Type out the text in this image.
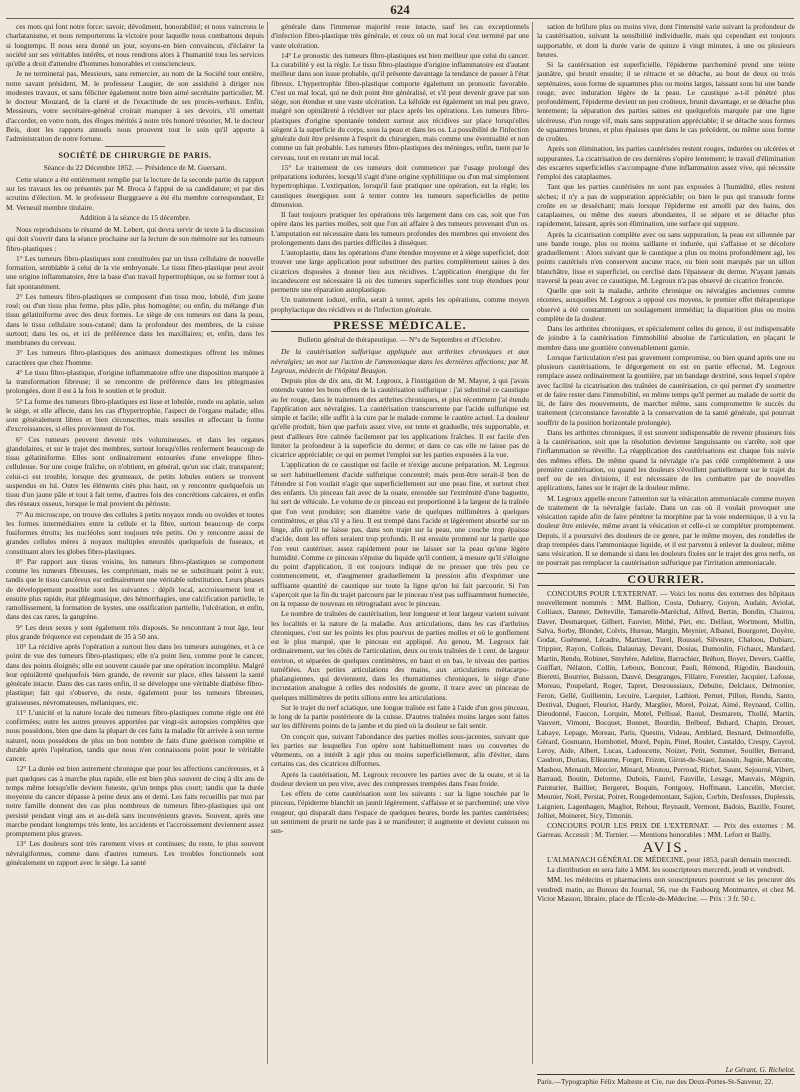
624

ces mots qui font notre force: savoir, dévoûment, honorabilité; et nous vaincrons le charlatanisme, et nous remporterons la victoire pour laquelle nous combattons depuis si longtemps. Il nous sera donné un jour, soyons-en bien convaincus, d'éclairer la société sur ses véritables intérêts, et nous rendrons alors à l'humanité tous les services qu'elle a droit d'attendre d'hommes honorables et consciencieux.

Je ne terminerai pas, Messieurs, sans remercier, au nom de la Société tout entière, notre savant président, M. le professeur Laugier, de son assiduité à diriger nos modestes travaux, et sans féliciter également notre bien aimé secrétaire particulier, M. le docteur Mouzard, de la clarté et de l'exactitude de ses procès-verbaux. Enfin, Messieurs, votre secrétaire-général croirait manquer à ses devoirs, s'il omettait d'accorder, en votre nom, des éloges mérités à notre très honoré trésorier, M. le docteur Beis, dont les rapports annuels nous prouvent tout le soin qu'il apporte à l'administration de notre fortune.

SOCIÉTÉ DE CHIRURGIE DE PARIS.
Séance du 22 Décembre 1852. — Présidence de M. Guersant.

Cette séance a été entièrement remplie par la lecture de la seconde partie du rapport sur les travaux les ou présentés par M. Broca à l'appui de sa candidature; et par des scrutins d'élection. M. le professeur Burggraeve a été élu membre correspondant, Et M. Verneuil membre titulaire.

Addition à la séance du 15 décembre.

Nous reproduisons le résumé de M. Lebert, qui devra servir de texte à la discussion qui doit s'ouvrir dans la séance prochaine sur la lecture de son mémoire sur les tumeurs fibro-plastiques :

1° Les tumeurs fibro-plastiques sont constituées par un tissu cellulaire de nouvelle formation, semblable à celui de la vie embryonale. Le tissu fibro-plastique peut avoir une origine inflammatoire, être la base d'un travail hypertrophique, ou se former tout à fait spontanément.

2° Les tumeurs fibro-plastiques se composent d'un tissu mou, lobulé, d'un jaune rosé; ou d'un tissu plus ferme, plus pâle, plus homogène; ou enfin, du mélange d'un tissu gélatiniforme avec des deux formes. Le siège de ces tumeurs est dans la peau, dans le tissu cellulaire sous-cutané; dans la profondeur des membres, de la cuisse surtout; dans les os, et ici de préférence dans les maxillaires; et, enfin, dans les membranes du cerveau.

3° Les tumeurs fibro-plastiques des animaux domestiques offrent les mêmes caractères que chez l'homme.

4° Le tissu fibro-plastique, d'origine inflammatoire offre une disposition marquée à la transformation fibreuse; il se rencontre de préférence dans les phlegmasies prolongées, dont il est à la fois le soutien et le produit.

5° La forme des tumeurs fibro-plastiques est lisse et lobulée, ronde ou aplatie, selon le siège, et elle affecte, dans les cas d'hypertrophie, l'aspect de l'organe malade; elles sont généralement libres et bien circonscrites, mais sessiles et affectant la forme d'excroissances, si elles proviennent de l'os.

6° Ces tumeurs peuvent devenir très volumineuses, et dans les organes glandulaires, et sur le trajet des membres, surtout lorsqu'elles renferment beaucoup de tissu gélatiniforme. Elles sont ordinairement entourées d'une enveloppe fibro-celluleuse. Sur une coupe fraîche, on n'obtient, en général, qu'un suc clair, transparent; celui-ci est trouble, lorsque des grumeaux, de petits lobules entiers se trouvent suspendus en lui. Outre les éléments cités plus haut, on y rencontre quelquefois un tissu d'un jaune pâle et tout à fait terne, d'autres fois des concrétions calcaires, et enfin des réseaux osseux, lorsque le mal provient du périoste.

7° Au microscope, on trouve des cellules à petits noyaux ronds ou ovoïdes et toutes les formes intermédiaires entre la cellule et la fibre, surtout beaucoup de corps fusiformes étroits; les nucléoles sont toujours très petits. On y rencontre aussi de grandes cellules mères à noyaux multiples enroulés quelquefois de fuseaux, et constituant alors les globes fibro-plastiques.

8° Par rapport aux tissus voisins, les tumeurs fibro-plastiques se comportent comme les tumeurs fibreuses, les comprimant, mais ne se substituant point à eux; tandis que le tissu cancéreux est ordinairement une véritable substitution. Leurs phases de développement possible sont les suivantes : dépôt local, accroissement lent et ensuite plus rapide, état phlegmasique, des hémorrhagies, une calcification partielle, le ramollissement, la formation de kystes, une ossification partielle, l'ulcération, et enfin, dans des cas rares, la gangrène.

9° Les deux sexes y sont également très disposés. Se rencontrant à tout âge, leur plus grande fréquence est cependant de 35 à 50 ans.

10° La récidive après l'opération a surtout lieu dans les tumeurs autogènes, et à ce point de vue des tumeurs fibro-plastiques; elle n'a point lieu, comme pour le cancer, dans des points éloignés; elle est souvent causée par une opération incomplète. Malgré leur opiniâtreté quelquefois bien grande, de revenir sur place, elles laissent la santé générale intacte. Dans des cas rares enfin, il se développe une véritable diathèse fibro-plastique; fait qui s'observe, du reste, également pour les tumeurs fibreuses, graisseuses, névromateuses, mélaniques, etc.

11° L'unicité et la nature locale des tumeurs fibro-plastiques comme règle ont été confirmées; outre les autres preuves apportées par vingt-six autopsies complètes que nous possédons, bien que dans la plupart de ces faits la maladie fût arrivée à son terme naturel, nous possédons de plus un bon nombre de faits d'une guérison complète et durable après l'opération, tandis que nous n'en connaissons point pour le véritable cancer.

12° La durée est bien autrement chronique que pour les affections cancéreuses, et à part quelques cas à marche plus rapide, elle est bien plus souvent de cinq à dix ans de temps même lorsqu'elle devient funeste, qu'un temps plus court; tandis que la durée moyenne du cancer dépasse à peine deux ans et demi. Les faits recueillis par moi par notre famille donnent des cas plus nombreux de tumeurs fibro-plastiques qui ont persisté pendant vingt ans et au-delà sans inconvénients graves. Souvent, après une marche pendant longtemps très lente, les accidents et l'accroissement deviennent assez promptement plus graves.

13° Les douleurs sont très rarement vives et continues; du reste, le plus souvent névralgiformes, comme dans d'autres tumeurs. Les troubles fonctionnels sont généralement en rapport avec le siège. La santé

générale dans l'immense majorité reste intacte, sauf les cas exceptionnels d'infection fibro-plastique très générale, et ceux où un mal local s'est terminé par une vaste ulcération.

14° Le pronostic des tumeurs fibro-plastiques est bien meilleur que celui du cancer. La curabilité y est la règle. Le tissu fibro-plastique d'origine inflammatoire est d'autant meilleur dans son issue probable, qu'il présente davantage la tendance de passer à l'état fibreux. L'hypertrophie fibro-plastique comporte également un pronostic favorable. C'est un mal local, qui ne doit point être généralisé, et s'il peut devenir grave par son siège, son étendue et une vaste ulcération. La kéloïde est également un mal peu grave, malgré son opiniâtreté à récidiver sur place après les opérations. Les tumeurs fibro-plastiques d'origine spontanée tendent surtout aux récidives sur place lorsqu'elles siègent à la superficie du corps, sous la peau et dans les os. La possibilité de l'infection générale doit être présente à l'esprit du chirurgien, mais comme une éventualité et non comme un fait probable. Les tumeurs fibro-plastiques des méninges, enfin, tuent par le cerveau, tout en restant un mal local.

15° Le traitement de ces tumeurs doit commencer par l'usage prolongé des préparations iodurées, lorsqu'il s'agit d'une origine syphilitique ou d'un mal simplement hypertrophique. L'extirpation, lorsqu'il faut pratiquer une opération, est la règle; les caustiques énergiques sont à tenter contre les tumeurs superficielles de petite dimension.

Il faut toujours pratiquer les opérations très largement dans ces cas, soit que l'on opère dans les parties molles, soit que l'on ait affaire à des tumeurs provenant d'un os. L'amputation est nécessaire dans les tumeurs profondes des membres qui envoient des prolongements dans des parties difficiles à disséquer.

L'autoplastie, dans les opérations d'une étendue moyenne et à siège superficiel, doit trouver une large application pour substituer des parties complètement saines à des cicatrices disposées à donner lieu aux récidives. L'application énergique du fer incandescent est nécessaire là où des tumeurs superficielles sont trop étendues pour permettre une réparation autoplastique.

Un traitement ioduré, enfin, serait à tenter, après les opérations, comme moyen prophylactique des récidives et de l'infection générale.

PRESSE MÉDICALE.
Bulletin général de thérapeutique. — N°s de Septembre et d'Octobre.

De la cautérisation sulfurique appliquée aux arthrites chroniques et aux névralgies; un mot sur l'action de l'ammoniaque dans les dernières affections; par M. Legroux, médecin de l'hôpital Beaujon.

Depuis plus de dix ans, dit M. Legroux, à l'instigation de M. Mayor, à qui j'avais entendu vanter les bons effets de la cautérisation sulfurique : j'ai substitué ce caustique au fer rouge, dans le traitement des arthrites chroniques, et plus récemment j'ai étendu l'application aux névralgies. La cautérisation transcurrente par l'acide sulfurique est simple et facile; elle suffit à la cure par le malade comme le cautère actuel. La douleur qu'elle produit, bien que parfois assez vive, est tente et graduelle, très supportable, et peut d'ailleurs être calmée facilement par les applications fraîches. Il est facile d'en limiter la profondeur à la superficie du derme; et dans ce cas elle ne laisse pas de cicatrice appréciable; ce qui en permet l'emploi sur les parties exposées à la vue.

L'application de ce caustique est facile et n'exige aucune préparation. M. Legroux se sert habituellement d'acide sulfurique concentré; mais peut-être serait-il bon de l'étendre si l'on voulait n'agir que superficiellement sur une peau fine, et surtout chez des enfants. Un pinceau fait avec de la ouate, enroulée sur l'extrémité d'une baguette, lui sert de véhicule. Le volume de ce pinceau est proportionné à la largeur de la traînée que l'on veut produire; son diamètre varie de quelques millimètres à quelques centimètres, et plus s'il y a lieu. Il est trempé dans l'acide et légèrement absorbé sur un linge, afin qu'il ne laisse pas, dans son trajet sur la peau, une couche trop épaisse d'acide, dont les effets seraient trop profonds. Il est ensuite promené sur la partie que l'on veut cautériser, assez rapidement pour ne laisser sur la peau qu'une légère humidité. Comme ce pinceau s'épuise du liquide qu'il contient, à mesure qu'il s'éloigne du point d'application, il est toujours indiqué de ne presser que très peu ce commencement, et, d'augmenter graduellement la pression afin d'exprimer une suffisante quantité de caustique sur toute la ligne qu'on lui fait parcourir. Si l'on s'aperçoit que la fin du trajet parcouru par le pinceau n'est pas suffisamment humectée, on la repasse de nouveau en rétrogradant avec le pinceau.

Le nombre de traînées de cautérisation, leur longueur et leur largeur varient suivant les localités et la nature de la maladie. Aux articulations, dans les cas d'arthrites chroniques, c'est sur les points les plus pourvus de parties molles et où le gonflement est le plus marqué, que le pinceau est appliqué. Au genou, M. Legroux fait ordinairement, sur les côtés de l'articulation, deux ou trois traînées de 1 cent. de largeur environ, et séparées de quelques centimètres, en haut et en bas, le niveau des parties tuméfiées. Aux petites articulations des mains, aux articulations métacarpo-phalangiennes, qui deviennent, dans les rhumatismes chroniques, le siège d'une incrustation analogue à celles des nodosités de goutte, il trace avec un pinceau de quelques millimètres de petits sillons entre les articulations.

Sur le trajet du nerf sciatique, une longue traînée est faite à l'aide d'un gros pinceau, le long de la partie postérieure de la cuisse. D'autres traînées moins larges sont faites sur les différents points de la jambe et du pied où la douleur se fait sentir.

On conçoit que, suivant l'abondance des parties molles sous-jacentes, suivant que les parties sur lesquelles l'on opère sont habituellement nues ou couvertes de vêtements, on a intérêt à agir plus ou moins superficiellement, afin d'éviter, dans certains cas, des cicatrices difformes.

Après la cautérisation, M. Legroux recouvre les parties avec de la ouate, et si la douleur devient un peu vive, avec des compresses trempées dans l'eau froide.

Les effets de cette cautérisation sont les suivants : sur la ligne touchée par le pinceau, l'épiderme blanchit un jaunit légèrement, s'affaisse et se parcheminé; une vive rougeur, qui disparaît dans l'espace de quelques heures, borde les parties cautérisées; un sentiment de prurit ne tarde pas à se manifester; il augmente et devient cuisson ou sen-

sation de brûlure plus ou moins vive, dont l'intensité varie suivant la profondeur de la cautérisation, suivant la sensibilité individuelle, mais qui cependant est toujours supportable, et dont la durée varie de quinze à vingt minutes, à une ou plusieurs heures.

Si la cautérisation est superficielle, l'épiderme parcheminé prend une teinte jaunâtre, qui brunit ensuite; il se rétracte et se détache, au bout de deux ou trois septénaires, sous forme de squammes plus ou moins larges, laissant sous lui une bande rouge, avec induration légère de la peau. Le caustique a-t-il pénétré plus profondément, l'épiderme devient un peu croûteux, brunit davantage, et se détache plus lentement; la séparation des parties saines est quelquefois marquée par une ligne ulcéreuse, d'un rouge vif, mais sans suppuration appréciable; il se détache sous formes de squammes brunes, et plus épaisses que dans le cas précédent, ou même sous forme de croûtes.

Après son élimination, les parties cautérisées restent rouges, indurées ou ulcérées et suppurantes. La cicatrisation de ces dernières s'opère lentement; le travail d'élimination des escarres superficielles s'accompagne d'une inflammation assez vive, qui nécessite l'emploi des cataplasmes.

Tant que les parties cautérisées ne sont pas exposées à l'humidité, elles restent sèches; il n'y a pas de suppuration appréciable; ou bien le pus qui transude forme croûte en se desséchant; mais lorsque l'épiderme est amolli par des bains, des cataplasmes, ou même des sueurs abondantes, il se sépare et se détache plus rapidement, laissant, après son élimination, une surface qui suppure.

Après la cicatrisation complète avec ou sans suppuration, la peau est sillonnée par une bande rouge, plus ou moins saillante et indurée, qui s'affaisse et se décolore graduellement : Alors suivant que le caustique a plus ou moins profondément agi, les points cautérisés n'en conservent aucune trace, ou bien sont marqués par un sillon blanchâtre, lisse et superficiel, ou cerclisé dans l'épaisseur du derme. N'ayant jamais traversé la peau avec ce caustique, M. Legroux n'a pas observé de cicatrice froncée.

Quelle que soit la maladie, arthrite chronique ou névralgies anciennes comme récentes, auxquelles M. Legroux a opposé ces moyens, le premier effet thérapeutique observé a été constamment un soulagement immédiat; la disparition plus ou moins complète de la douleur.

Dans les arthrites chroniques, et spécialement celles du genou, il est indispensable de joindre à la cautérisation l'immobilité absolue de l'articulation, en plaçant le membre dans une gouttière convenablement garnie.

Lorsque l'articulation n'est pas gravement compromise, ou bien quand après une ou plusieurs cautérisations, le dégorgement en est en partie effectué, M. Legroux remplace assez ordinairement la gouttière, par un bandage dextriné, sous lequel s'opère avec facilité la cicatrisation des traînées de cautérisation, ce qui permet d'y soumettre et de faire rester dans l'immobilité, en même temps qu'il permet au malade de sortir du lit, de faire des mouvements, de marcher même, sans compromettre le succès du traitement (circonstance favorable à la conservation de la santé générale, qui pourrait souffrir de la position horizontale prolongée).

Dans les arthrites chroniques, il est souvent indispensable de revenir plusieurs fois à la cautérisation, soit que la résolution devienne languissante ou s'arrête, soit que l'inflammation se réveille. La réapplication des cautérisations est chaque fois suivie des mêmes effets. De même quand la névralgie n'a pas cédé complètement à une première cautérisation, ou quand les douleurs s'éveillent partiellement sur le trajet du nerf ou de ses divisions, il est nécessaire de les combattre par de nouvelles applications, faites sur le trajet de la douleur même.

M. Legroux appelle encore l'attention sur la vésication ammoniacale comme moyen de traitement de la névralgie faciale. Dans un cas où il voulait provoquer une vésication rapide afin de faire pénétrer la morphine par la voie endermique, il a vu la douleur être enlevée, même avant la vésication et celle-ci se compléter promptement. Depuis, il a poursuivi des douleurs de ce genre, par le même moyen, des rondelles de drap trempées dans l'ammoniaque liquide, et il est parvenu à enlever la douleur, même sans vésication. Il se demande si dans les douleurs fixées sur le trajet des gros nerfs, on ne pourrait pas remplacer la cautérisation sulfurique par l'irritation ammoniacale.

COURRIER.

CONCOURS POUR L'EXTERNAT. — Voici les noms des externes des hôpitaux nouvellement nommés : MM. Ballion, Costa, Dubarry, Guyon, Audain, Aviolat, Colliaux, Danner, Delteville, Tamarelle-Maréchal, Alfred, Bertin, Bondin, Chairou, Daver, Desmarquet, Gilbert, Fauvier, Mithé, Piet, etc. Delfaut, Wortmont, Mollin, Salva, Sorby, Blondet, Colvis, Hureau, Margin, Meynier, Albanel, Bourgoret, Doyère, Godat, Guémené, Lécadre, Martinet, Turel, Roussel, Silvestre, Chaloou, Dubiarc, Trippier, Rayon, Collois, Dalaunay, Devant, Dosias, Dumoulin, Fichaux, Mandard, Martin, Rendu, Robinet, Smyhère, Adeline, Barrachier, Bréhon, Boyer, Devers, Gaëlle, Guiffart, Nélaton, Collin, Leboux, Boncour, Pauli, Rémond, Rigodin, Baudouin, Bieretti, Bourrier, Buisson, Dauvé, Desgranges, Fillatre, Forestier, Jacquier, Lafosse, Moreau, Poupelard, Roger, Tapret, Desroussiaux, Debuite, Delclaux, Delmonier, Feron, Gellé, Guillemin, Lecuire, Larquier, Lathion, Pernet, Pillon, Rendu, Santo, Destival, Duguet, Fleuriot, Hardy, Marglier, Morel, Poizat, Aimé, Reynaud, Collin, Dieudonné, Faucon, Lorquin, Motel, Pellissé, Raoul, Desmarets, Thollé, Martin, Vauvert, Vimont, Bocquet, Bonnet, Bourdin, Brébeuf, Buhard, Chapin, Drouet, Lahaye, Lepage, Moreau, Paris, Questin, Videau, Amblard, Besnard, Delmonfelle, Gérard, Gosmann, Hornbottel, Morel, Pepin, Pinel, Roulet, Castaldo, Crespy, Cayrol, Leroy, Aide, Albert, Lucas, Ladoucette, Noizet, Petit, Sommer, Souillet, Berrand, Caudron, Duriau, Elleaume, Forget, Frizon, Giron-de-Suaer, Jaussin, Jugnie, Marcotte, Masbou, Menault, Mercier, Minard, Moutou, Perroud, Richet, Saunt, Sejourné, Vibert, Barraud, Boutin, Delorme, Dubois, Faurel, Fauville, Lesage, Mauvais, Mégnin, Painturier, Baillier, Bergeret, Boquin, Fontgouy, Hoffmann, Lancelin, Mercier, Meunier, Noël, Persiat, Poiret, Rougedemontant, Sajion, Corbin, Desfosses, Duplessis, Laignien, Lagenhagen, Magliot, Rebout, Reynault, Vermont, Badois, Bazille, Fouret, Jolliet, Moineret, Sicy, Timonin.

CONCOURS POUR LES PRIX DE L'EXTERNAT. — Prix des externes : M. Garreau. Accessit : M. Turnier. — Mentions honorables : MM. Lefort et Bailly.

AVIS.

L'ALMANACH GÉNÉRAL DE MÉDECINE, pour 1853, paraît demain mercredi.

La distribution en sera faite à MM. les souscripteurs mercredi, jeudi et vendredi.

MM. les médecins et pharmaciens non souscripteurs pourront se les procurer dès vendredi matin, au Bureau du Journal, 56, rue du Faubourg Montmartre, et chez M. Victor Masson, libraire, place de l'École-de-Médecine. — Prix : 3 fr. 50 c.

Le Gérant, G. Richelot.
Paris.—Typographie Félix Malteste et Cie, rue des Deux-Portes-St-Sauveur, 22.
